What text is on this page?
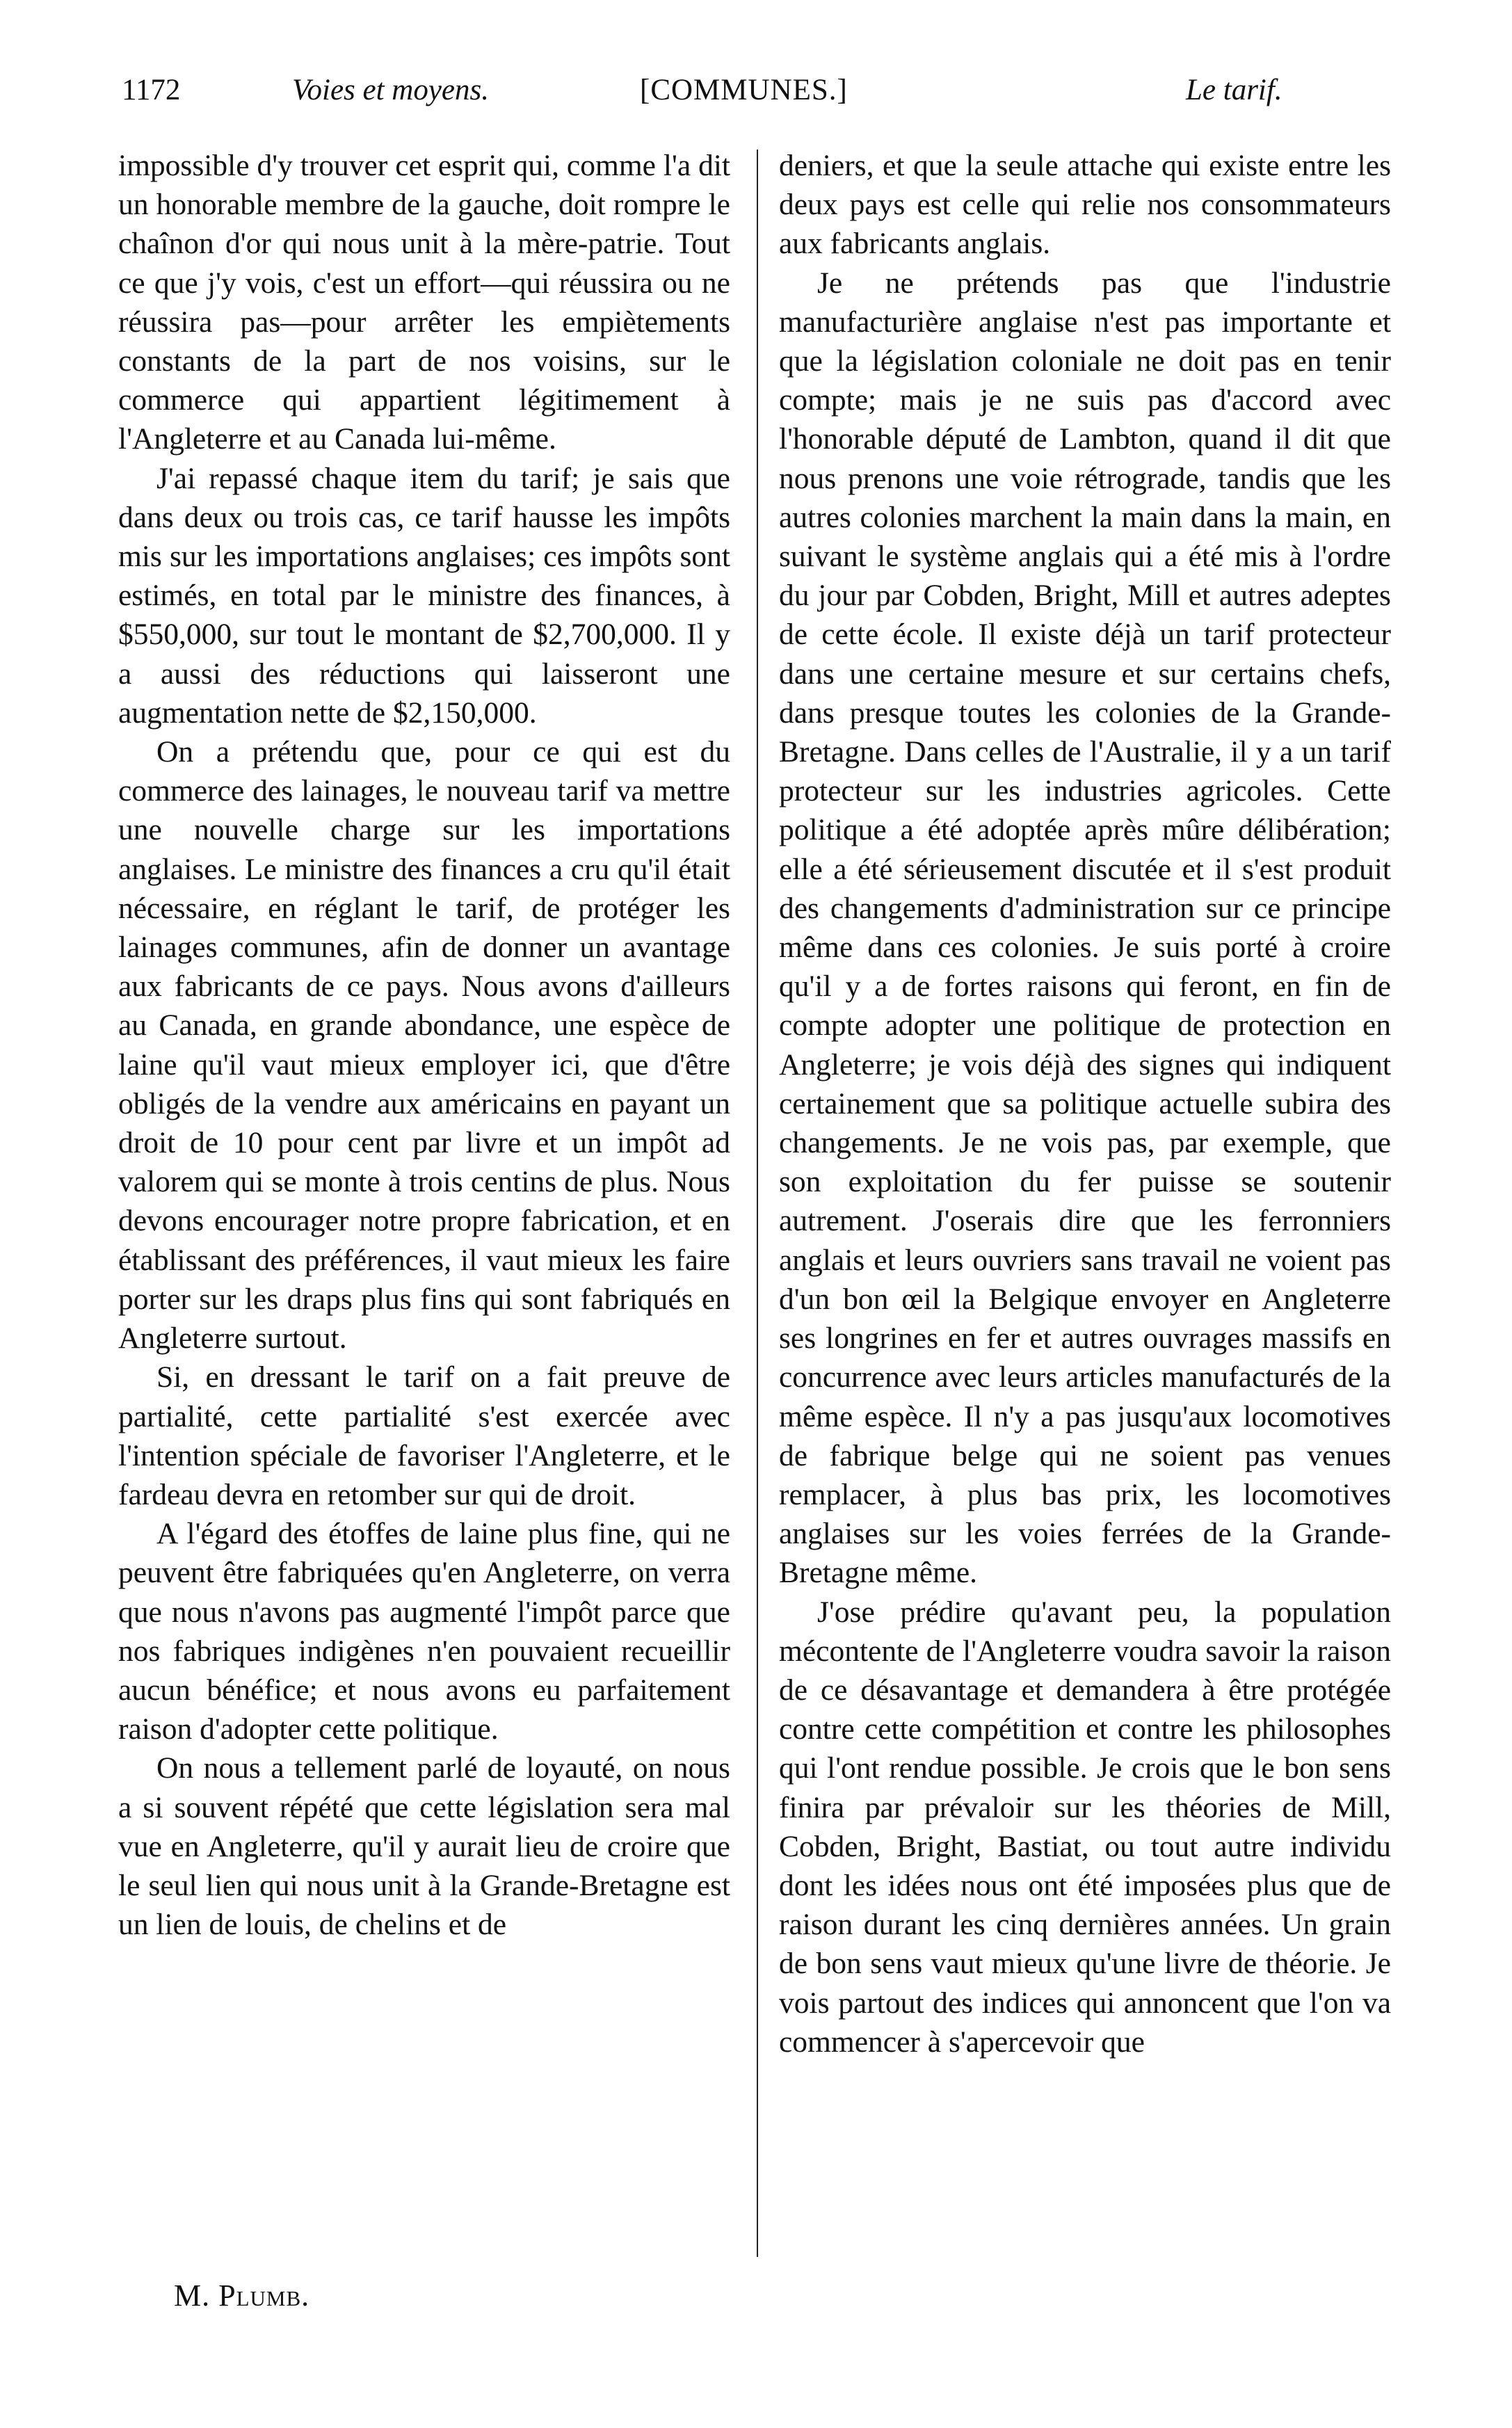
1172	Voies et moyens.	[COMMUNES.]	Le tarif.

impossible d'y trouver cet esprit qui, comme l'a dit un honorable membre de la gauche, doit rompre le chaînon d'or qui nous unit à la mère-patrie. Tout ce que j'y vois, c'est un effort—qui réussira ou ne réussira pas—pour arrêter les empiètements constants de la part de nos voisins, sur le commerce qui appartient légitimement à l'Angleterre et au Canada lui-même.

J'ai repassé chaque item du tarif; je sais que dans deux ou trois cas, ce tarif hausse les impôts mis sur les importations anglaises; ces impôts sont estimés, en total par le ministre des finances, à $550,000, sur tout le montant de $2,700,000. Il y a aussi des réductions qui laisseront une augmentation nette de $2,150,000.

On a prétendu que, pour ce qui est du commerce des lainages, le nouveau tarif va mettre une nouvelle charge sur les importations anglaises. Le ministre des finances a cru qu'il était nécessaire, en réglant le tarif, de protéger les lainages communes, afin de donner un avantage aux fabricants de ce pays. Nous avons d'ailleurs au Canada, en grande abondance, une espèce de laine qu'il vaut mieux employer ici, que d'être obligés de la vendre aux américains en payant un droit de 10 pour cent par livre et un impôt ad valorem qui se monte à trois centins de plus. Nous devons encourager notre propre fabrication, et en établissant des préférences, il vaut mieux les faire porter sur les draps plus fins qui sont fabriqués en Angleterre surtout.

Si, en dressant le tarif on a fait preuve de partialité, cette partialité s'est exercée avec l'intention spéciale de favoriser l'Angleterre, et le fardeau devra en retomber sur qui de droit.

A l'égard des étoffes de laine plus fine, qui ne peuvent être fabriquées qu'en Angleterre, on verra que nous n'avons pas augmenté l'impôt parce que nos fabriques indigènes n'en pouvaient recueillir aucun bénéfice; et nous avons eu parfaitement raison d'adopter cette politique.

On nous a tellement parlé de loyauté, on nous a si souvent répété que cette législation sera mal vue en Angleterre, qu'il y aurait lieu de croire que le seul lien qui nous unit à la Grande-Bretagne est un lien de louis, de chelins et de

deniers, et que la seule attache qui existe entre les deux pays est celle qui relie nos consommateurs aux fabricants anglais.

Je ne prétends pas que l'industrie manufacturière anglaise n'est pas importante et que la législation coloniale ne doit pas en tenir compte; mais je ne suis pas d'accord avec l'honorable député de Lambton, quand il dit que nous prenons une voie rétrograde, tandis que les autres colonies marchent la main dans la main, en suivant le système anglais qui a été mis à l'ordre du jour par Cobden, Bright, Mill et autres adeptes de cette école. Il existe déjà un tarif protecteur dans une certaine mesure et sur certains chefs, dans presque toutes les colonies de la Grande-Bretagne. Dans celles de l'Australie, il y a un tarif protecteur sur les industries agricoles. Cette politique a été adoptée après mûre délibération; elle a été sérieusement discutée et il s'est produit des changements d'administration sur ce principe même dans ces colonies. Je suis porté à croire qu'il y a de fortes raisons qui feront, en fin de compte adopter une politique de protection en Angleterre; je vois déjà des signes qui indiquent certainement que sa politique actuelle subira des changements. Je ne vois pas, par exemple, que son exploitation du fer puisse se soutenir autrement. J'oserais dire que les ferronniers anglais et leurs ouvriers sans travail ne voient pas d'un bon œil la Belgique envoyer en Angleterre ses longrines en fer et autres ouvrages massifs en concurrence avec leurs articles manufacturés de la même espèce. Il n'y a pas jusqu'aux locomotives de fabrique belge qui ne soient pas venues remplacer, à plus bas prix, les locomotives anglaises sur les voies ferrées de la Grande-Bretagne même.

J'ose prédire qu'avant peu, la population mécontente de l'Angleterre voudra savoir la raison de ce désavantage et demandera à être protégée contre cette compétition et contre les philosophes qui l'ont rendue possible. Je crois que le bon sens finira par prévaloir sur les théories de Mill, Cobden, Bright, Bastiat, ou tout autre individu dont les idées nous ont été imposées plus que de raison durant les cinq dernières années. Un grain de bon sens vaut mieux qu'une livre de théorie. Je vois partout des indices qui annoncent que l'on va commencer à s'apercevoir que

M. Plumb.
